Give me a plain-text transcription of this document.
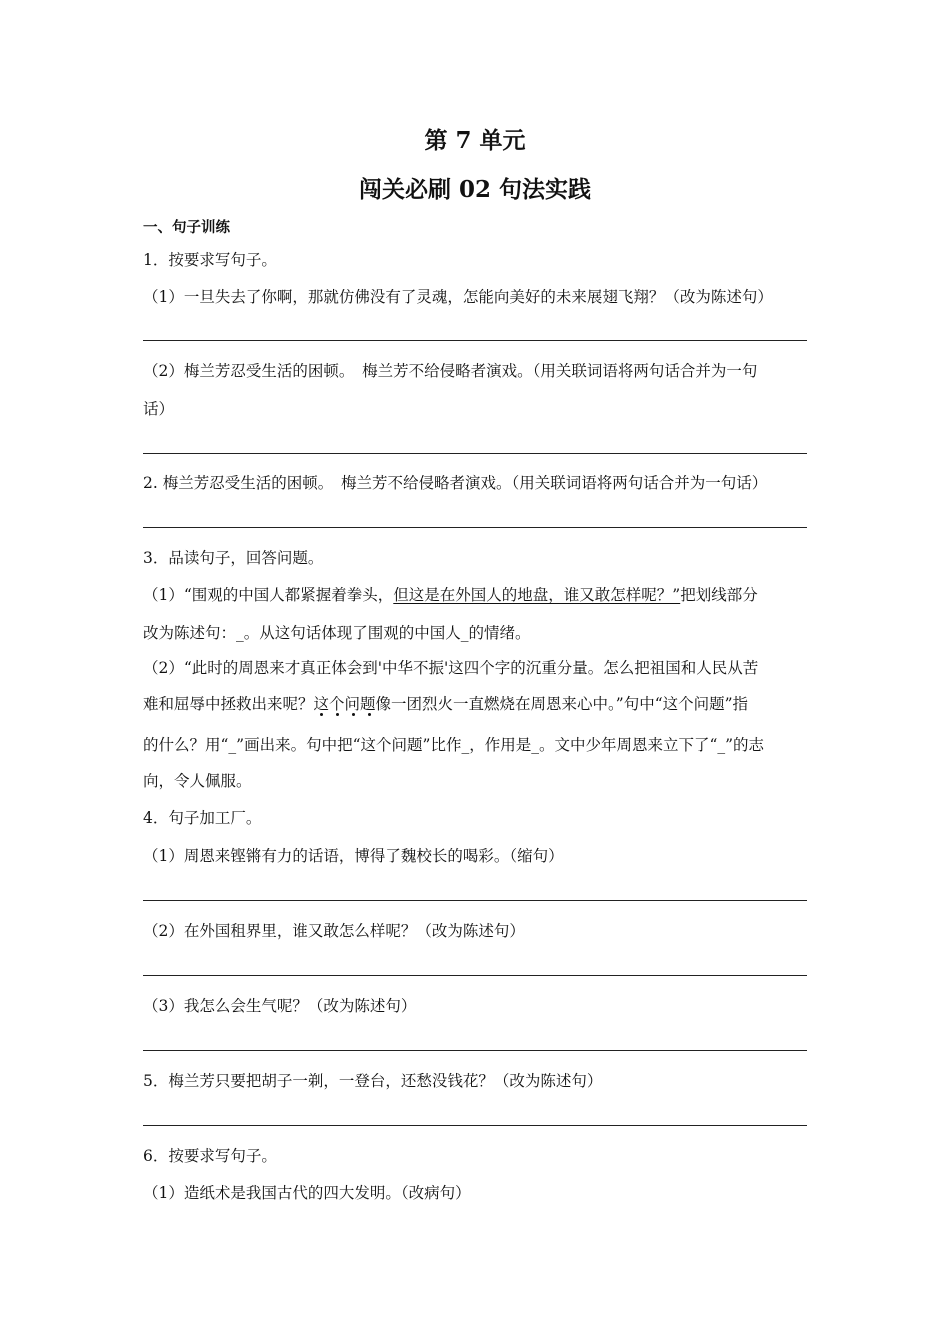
第 7 单元
闯关必刷 02 句法实践
一、句子训练
1．按要求写句子。
（1）一旦失去了你啊，那就仿佛没有了灵魂，怎能向美好的未来展翅飞翔？（改为陈述句）
（2）梅兰芳忍受生活的困顿。　梅兰芳不给侵略者演戏。（用关联词语将两句话合并为一句
话）
2. 梅兰芳忍受生活的困顿。　梅兰芳不给侵略者演戏。（用关联词语将两句话合并为一句话）
3．品读句子，回答问题。
（1）“围观的中国人都紧握着拳头，但这是在外国人的地盘，谁又敢怎样呢？”把划线部分
改为陈述句：_。从这句话体现了围观的中国人_的情绪。
（2）“此时的周恩来才真正体会到'中华不振'这四个字的沉重分量。怎么把祖国和人民从苦
难和屈辱中拯救出来呢？这个问题
像一团烈火一直燃烧在周恩来心中。”句中“这个问题”指
的什么？用“_”画出来。句中把“这个问题”比作_，作用是_。文中少年周恩来立下了“_”的志
向，令人佩服。
4．句子加工厂。
（1）周恩来铿锵有力的话语，博得了魏校长的喝彩。（缩句）
（2）在外国租界里，谁又敢怎么样呢？（改为陈述句）
（3）我怎么会生气呢？（改为陈述句）
5．梅兰芳只要把胡子一剃，一登台，还愁没钱花？（改为陈述句）
6．按要求写句子。
（1）造纸术是我国古代的四大发明。（改病句）
